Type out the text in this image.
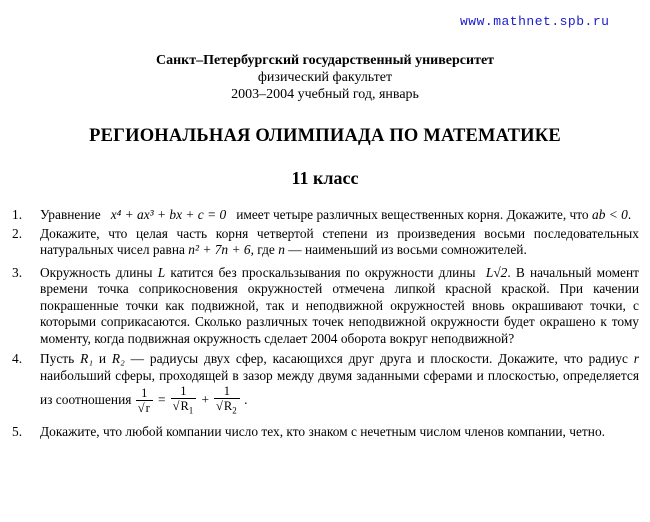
www.mathnet.spb.ru
Санкт–Петербургский государственный университет
физический факультет
2003–2004 учебный год, январь
РЕГИОНАЛЬНАЯ ОЛИМПИАДА ПО МАТЕМАТИКЕ
11 класс
1. Уравнение x⁴ + ax³ + bx + c = 0 имеет четыре различных вещественных корня. Докажите, что ab < 0.
2. Докажите, что целая часть корня четвертой степени из произведения восьми последовательных натуральных чисел равна n² + 7n + 6, где n — наименьший из восьми сомножителей.
3. Окружность длины L катится без проскальзывания по окружности длины L√2. В начальный момент времени точка соприкосновения окружностей отмечена липкой красной краской. При качении покрашенные точки как подвижной, так и неподвижной окружностей вновь окрашивают точки, с которыми соприкасаются. Сколько различных точек неподвижной окружности будет окрашено к тому моменту, когда подвижная окружность сделает 2004 оборота вокруг неподвижной?
4. Пусть R₁ и R₂ — радиусы двух сфер, касающихся друг друга и плоскости. Докажите, что радиус r наибольший сферы, проходящей в зазор между двумя заданными сферами и плоскостью, определяется из соотношения $\frac{1}{√r} = \frac{1}{√R_1} + \frac{1}{√R_2}$ .
5. Докажите, что любой компании число тех, кто знаком с нечетным числом членов компании, четно.
